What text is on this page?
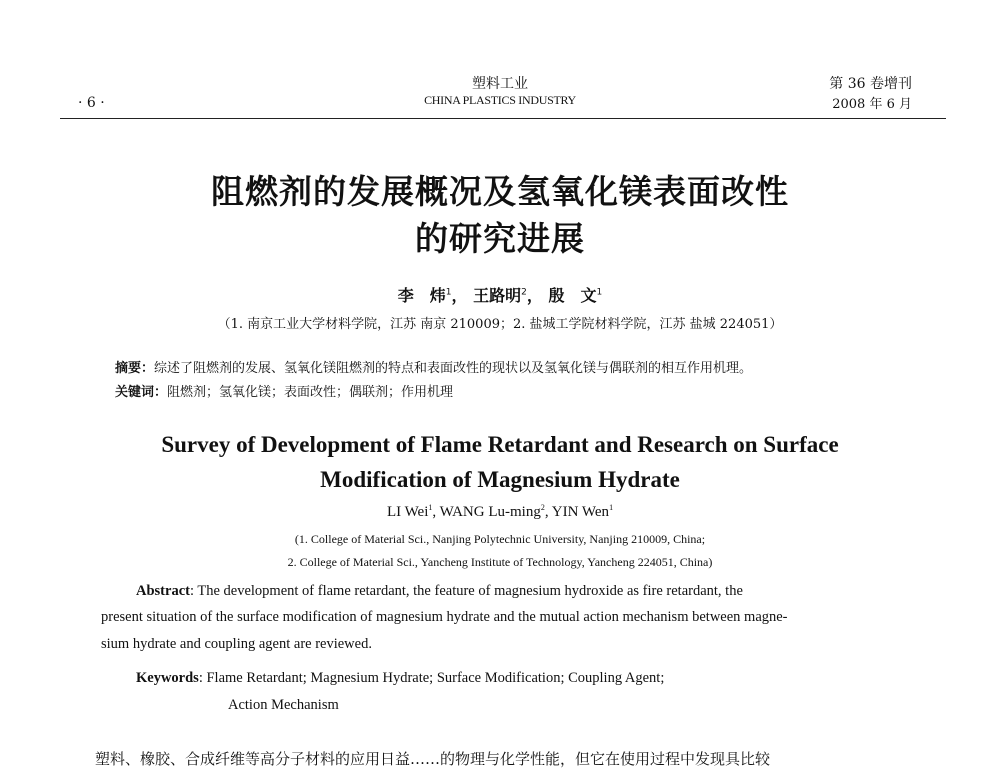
· 6 ·
塑料工业
CHINA PLASTICS INDUSTRY
第 36 卷增刊
2008 年 6 月
阻燃剂的发展概况及氢氧化镁表面改性
的研究进展
李　炜$^1$， 王路明$^2$， 殷　文$^1$
（1. 南京工业大学材料学院，江苏 南京 210009；2. 盐城工学院材料学院，江苏 盐城 224051）
摘要：综述了阻燃剂的发展、氢氧化镁阻燃剂的特点和表面改性的现状以及氢氧化镁与偶联剂的相互作用机理。
关键词：阻燃剂；氢氧化镁；表面改性；偶联剂；作用机理
Survey of Development of Flame Retardant and Research on Surface
Modification of Magnesium Hydrate
LI Wei$^1$, WANG Lu-ming$^2$, YIN Wen$^1$
(1. College of Material Sci., Nanjing Polytechnic University, Nanjing 210009, China;
2. College of Material Sci., Yancheng Institute of Technology, Yancheng 224051, China)
Abstract: The development of flame retardant, the feature of magnesium hydroxide as fire retardant, the
present situation of the surface modification of magnesium hydrate and the mutual action mechanism between magne-
sium hydrate and coupling agent are reviewed.
Keywords: Flame Retardant; Magnesium Hydrate; Surface Modification; Coupling Agent;
Action Mechanism
塑料、橡胶、合成纤维等高分子材料的应用日益……的物理与化学性能，但它在使用过程中发现具比较
